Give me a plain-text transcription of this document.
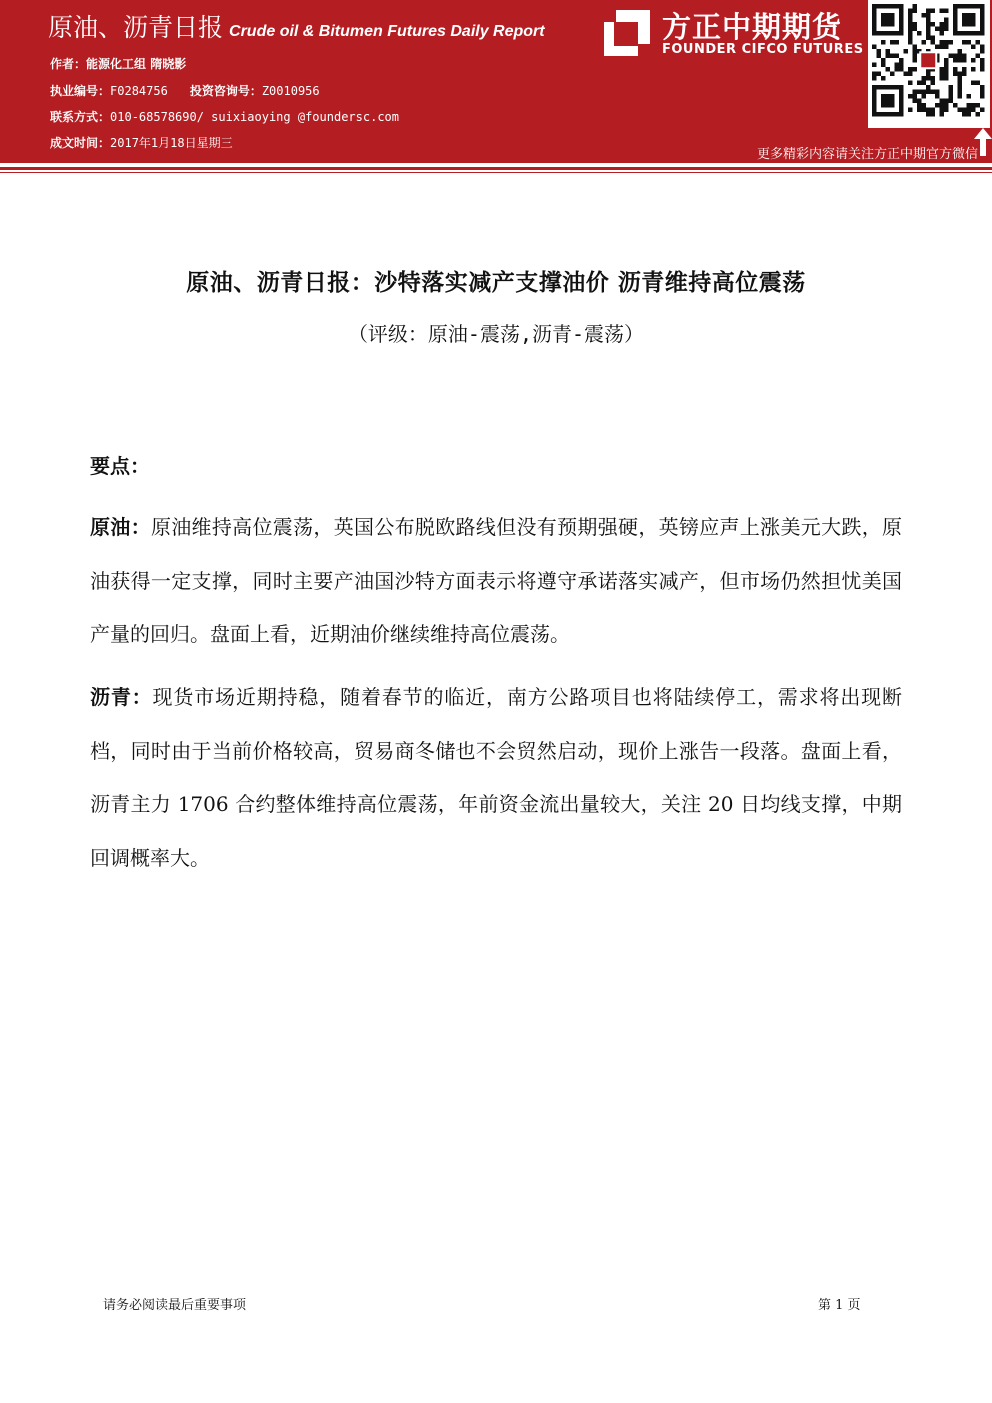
原油、沥青日报 Crude oil & Bitumen Futures Daily Report
作者：能源化工组 隋晓影
执业编号：F0284756 投资咨询号：Z0010956
联系方式：010-68578690/ suixiaoying @foundersc.com
成文时间：2017年1月18日星期三
方正中期期货
FOUNDER CIFCO FUTURES
更多精彩内容请关注方正中期官方微信
原油、沥青日报：沙特落实减产支撑油价 沥青维持高位震荡
（评级：原油-震荡,沥青-震荡）
要点：

原油：原油维持高位震荡，英国公布脱欧路线但没有预期强硬，英镑应声上涨美元大跌，原油获得一定支撑，同时主要产油国沙特方面表示将遵守承诺落实减产，但市场仍然担忧美国产量的回归。盘面上看，近期油价继续维持高位震荡。

沥青：现货市场近期持稳，随着春节的临近，南方公路项目也将陆续停工，需求将出现断档，同时由于当前价格较高，贸易商冬储也不会贸然启动，现价上涨告一段落。盘面上看，沥青主力 1706 合约整体维持高位震荡，年前资金流出量较大，关注 20 日均线支撑，中期回调概率大。

请务必阅读最后重要事项	第 1 页
